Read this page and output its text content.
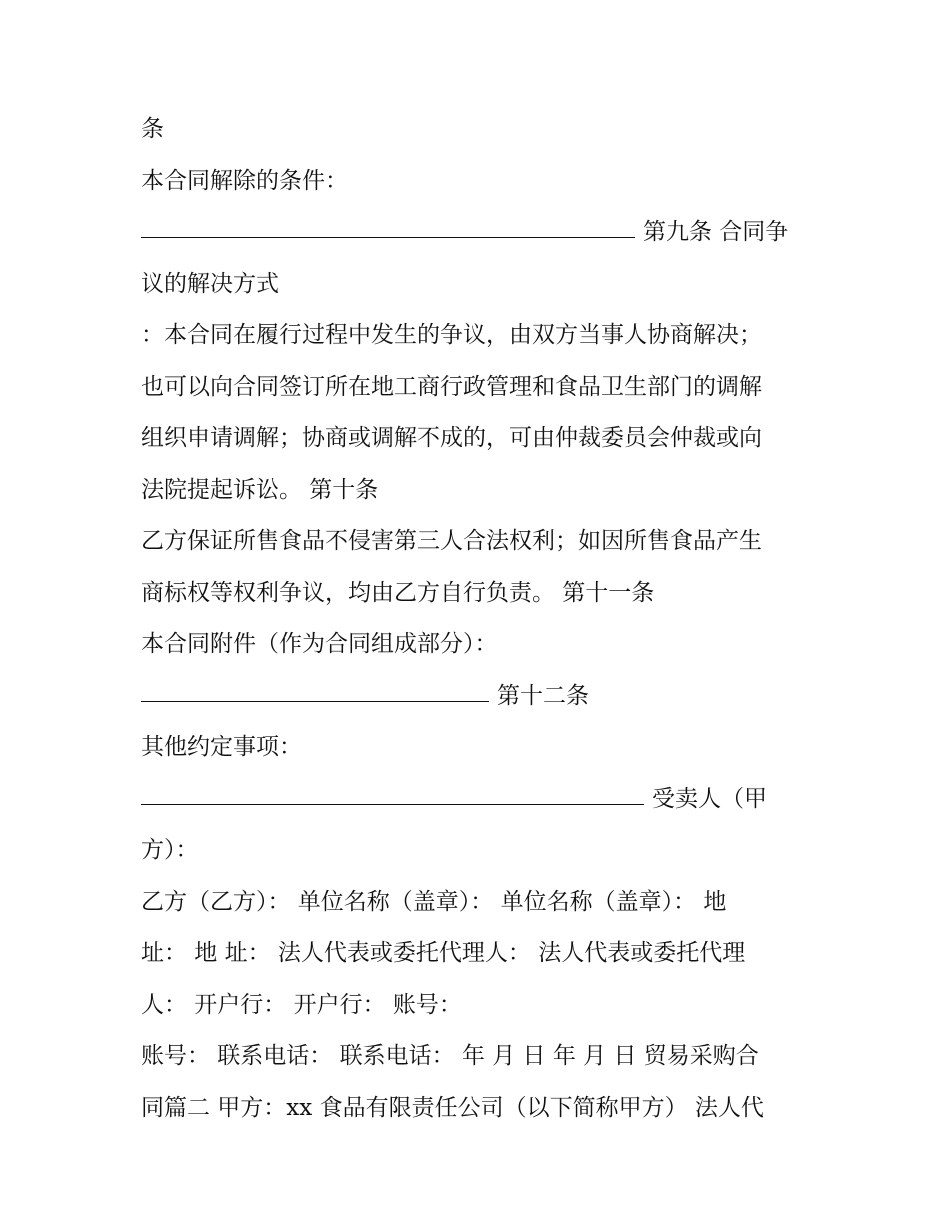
条
本合同解除的条件：
第九条 合同争
议的解决方式
：本合同在履行过程中发生的争议，由双方当事人协商解决；
也可以向合同签订所在地工商行政管理和食品卫生部门的调解
组织申请调解；协商或调解不成的，可由仲裁委员会仲裁或向
法院提起诉讼。 第十条
乙方保证所售食品不侵害第三人合法权利；如因所售食品产生
商标权等权利争议，均由乙方自行负责。 第十一条
本合同附件（作为合同组成部分）：
第十二条
其他约定事项：
受卖人（甲
方）：
乙方（乙方）： 单位名称（盖章）： 单位名称（盖章）： 地
址： 地 址： 法人代表或委托代理人： 法人代表或委托代理
人： 开户行： 开户行： 账号：
账号： 联系电话： 联系电话： 年 月 日 年 月 日 贸易采购合
同篇二 甲方：xx 食品有限责任公司（以下简称甲方） 法人代
